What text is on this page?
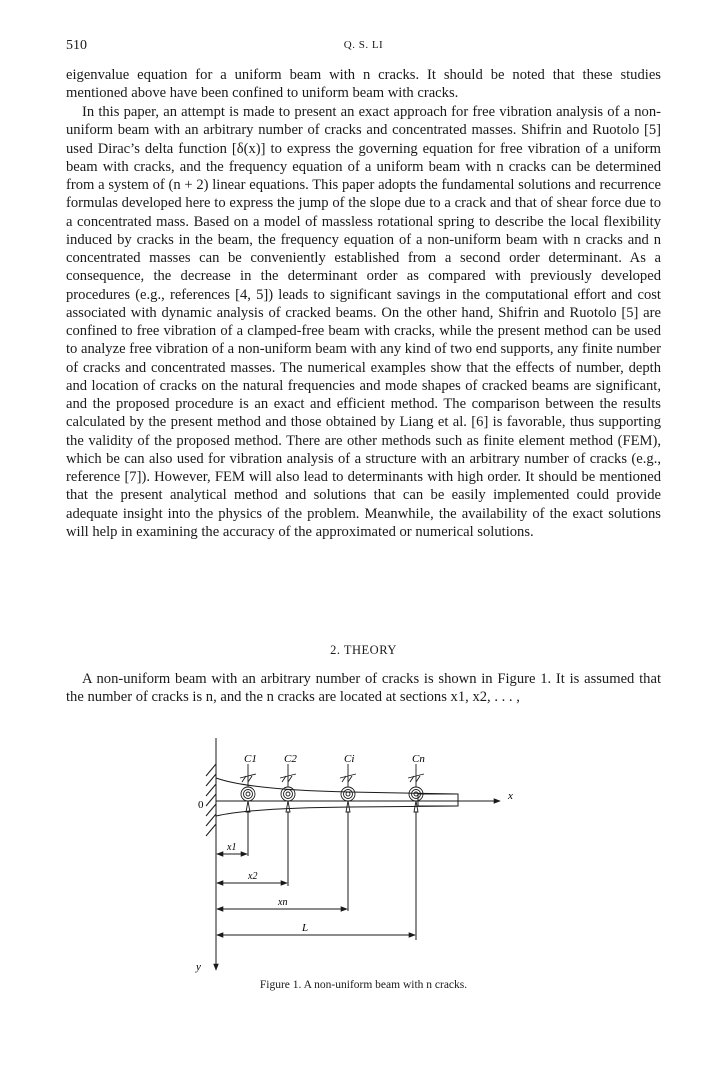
510	Q. S. LI

eigenvalue equation for a uniform beam with n cracks. It should be noted that these studies mentioned above have been confined to uniform beam with cracks.

In this paper, an attempt is made to present an exact approach for free vibration analysis of a non-uniform beam with an arbitrary number of cracks and concentrated masses. Shifrin and Ruotolo [5] used Dirac’s delta function [δ(x)] to express the governing equation for free vibration of a uniform beam with cracks, and the frequency equation of a uniform beam with n cracks can be determined from a system of (n + 2) linear equations. This paper adopts the fundamental solutions and recurrence formulas developed here to express the jump of the slope due to a crack and that of shear force due to a concentrated mass. Based on a model of massless rotational spring to describe the local flexibility induced by cracks in the beam, the frequency equation of a non-uniform beam with n cracks and n concentrated masses can be conveniently established from a second order determinant. As a consequence, the decrease in the determinant order as compared with previously developed procedures (e.g., references [4, 5]) leads to significant savings in the computational effort and cost associated with dynamic analysis of cracked beams. On the other hand, Shifrin and Ruotolo [5] are confined to free vibration of a clamped-free beam with cracks, while the present method can be used to analyze free vibration of a non-uniform beam with any kind of two end supports, any finite number of cracks and concentrated masses. The numerical examples show that the effects of number, depth and location of cracks on the natural frequencies and mode shapes of cracked beams are significant, and the proposed procedure is an exact and efficient method. The comparison between the results calculated by the present method and those obtained by Liang et al. [6] is favorable, thus supporting the validity of the proposed method. There are other methods such as finite element method (FEM), which be can also used for vibration analysis of a structure with an arbitrary number of cracks (e.g., reference [7]). However, FEM will also lead to determinants with high order. It should be mentioned that the present analytical method and solutions that can be easily implemented could provide adequate insight into the physics of the problem. Meanwhile, the availability of the exact solutions will help in examining the accuracy of the approximated or numerical solutions.

2. THEORY

A non-uniform beam with an arbitrary number of cracks is shown in Figure 1. It is assumed that the number of cracks is n, and the n cracks are located at sections x1, x2, . . . ,

x
y
0
C1 C2	Ci	Cn
x1
x2
xn
L
Figure 1. A non-uniform beam with n cracks.
